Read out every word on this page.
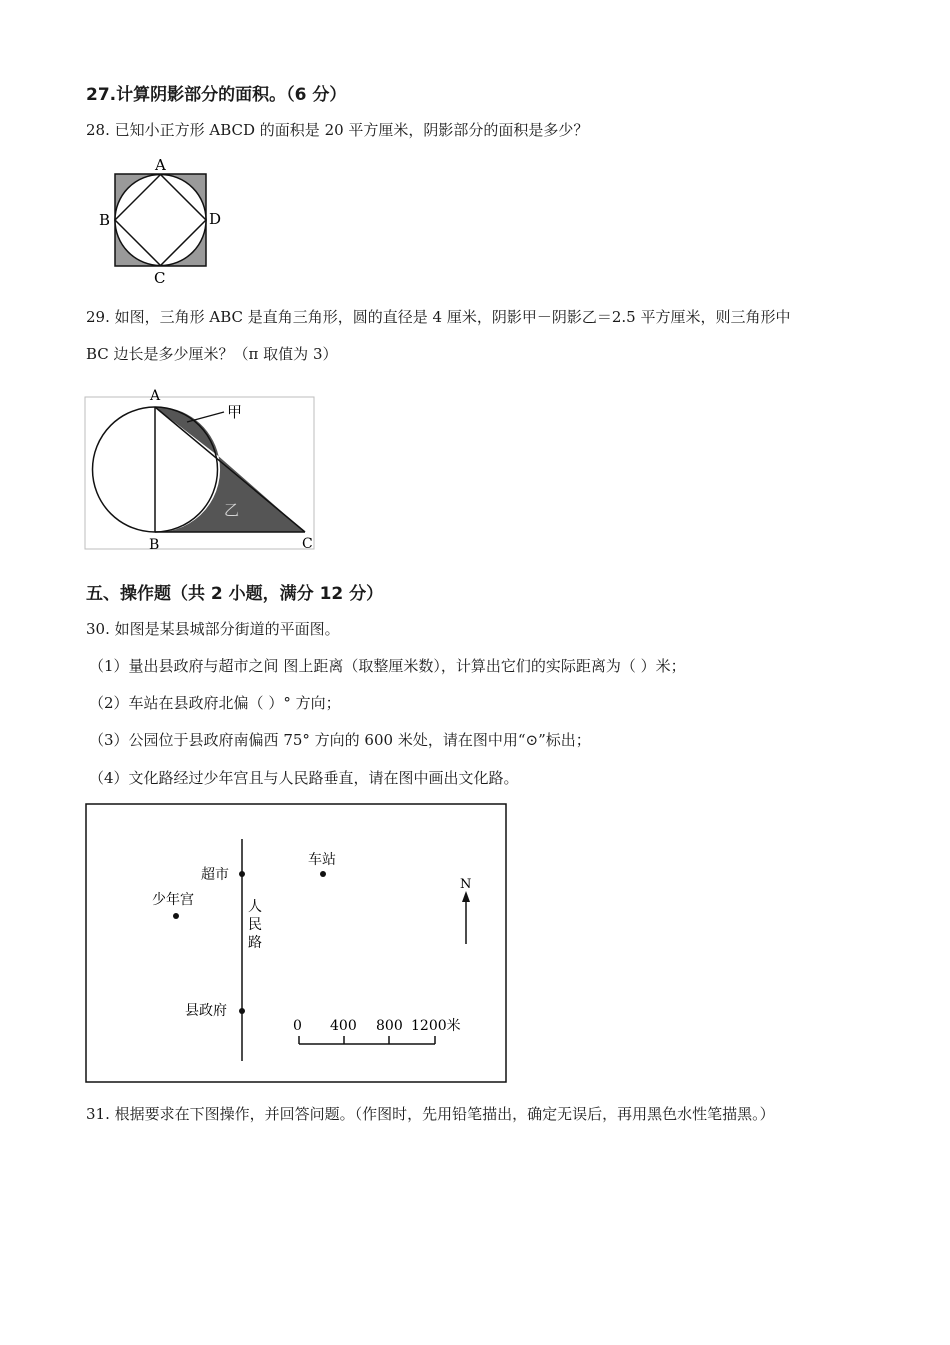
27.计算阴影部分的面积。（6 分）
28. 已知小正方形 ABCD 的面积是 20 平方厘米，阴影部分的面积是多少？
A
B
C
D
29. 如图，三角形 ABC 是直角三角形，圆的直径是 4 厘米，阴影甲－阴影乙＝2.5 平方厘米，则三角形中
BC 边长是多少厘米？（π 取值为 3）
A
B	C
甲
乙
五、操作题（共 2 小题，满分 12 分）
30. 如图是某县城部分街道的平面图。
（1）量出县政府与超市之间 图上距离（取整厘米数），计算出它们的实际距离为（ ）米；
（2）车站在县政府北偏（ ）° 方向；
（3）公园位于县政府南偏西 75° 方向的 600 米处，请在图中用“⊙”标出；
（4）文化路经过少年宫且与人民路垂直，请在图中画出文化路。
超市
车站
少年宫	人
民
路
县政府
N
0 400 800 1200米
31. 根据要求在下图操作，并回答问题。（作图时，先用铅笔描出，确定无误后，再用黑色水性笔描黑。）
